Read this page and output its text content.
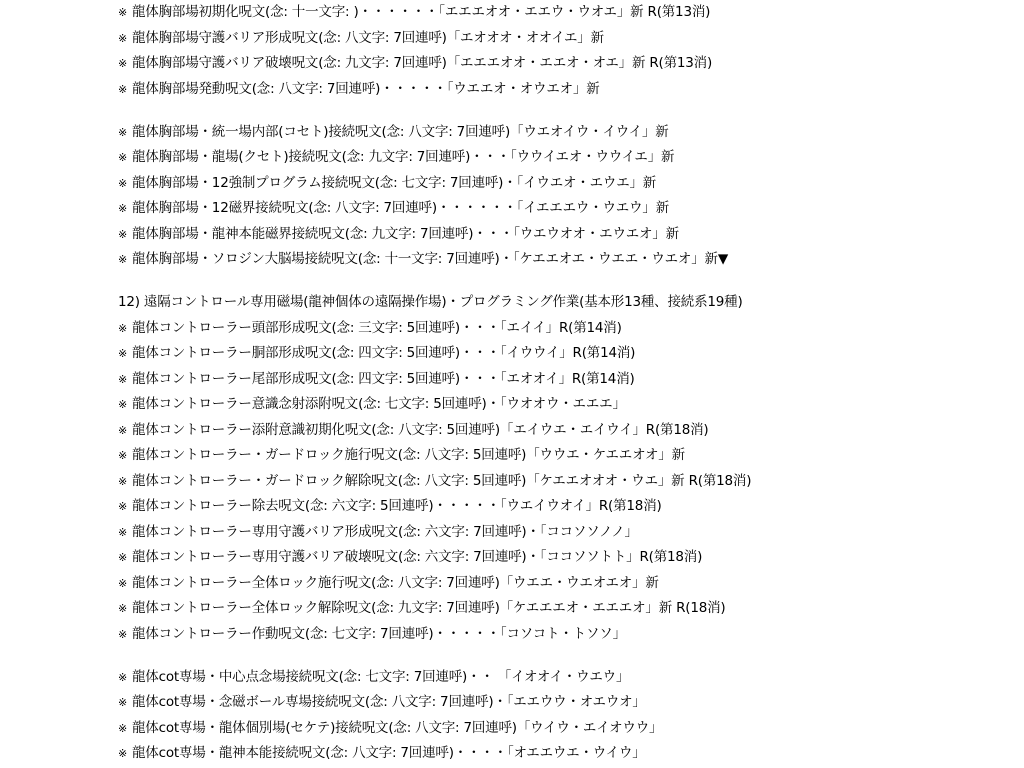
※ 龍体胸部場初期化呪文(念: 十一文字: )・・・・・・「エエエオオ・エエウ・ウオエ」新 R(第13消)
※ 龍体胸部場守護バリア形成呪文(念: 八文字: 7回連呼)「エオオオ・オオイエ」新
※ 龍体胸部場守護バリア破壊呪文(念: 九文字: 7回連呼)「エエエオオ・エエオ・オエ」新 R(第13消)
※ 龍体胸部場発動呪文(念: 八文字: 7回連呼)・・・・・「ウエエオ・オウエオ」新
※ 龍体胸部場・統一場内部(コセト)接続呪文(念: 八文字: 7回連呼)「ウエオイウ・イウイ」新
※ 龍体胸部場・龍場(クセト)接続呪文(念: 九文字: 7回連呼)・・・「ウウイエオ・ウウイエ」新
※ 龍体胸部場・12強制プログラム接続呪文(念: 七文字: 7回連呼)・「イウエオ・エウエ」新
※ 龍体胸部場・12磁界接続呪文(念: 八文字: 7回連呼)・・・・・・「イエエエウ・ウエウ」新
※ 龍体胸部場・龍神本能磁界接続呪文(念: 九文字: 7回連呼)・・・「ウエウオオ・エウエオ」新
※ 龍体胸部場・ソロジン大脳場接続呪文(念: 十一文字: 7回連呼)・「ケエエオエ・ウエエ・ウエオ」新▼
12) 遠隔コントロール専用磁場(龍神個体の遠隔操作場)・プログラミング作業(基本形13種、接続系19種)
※ 龍体コントローラー頭部形成呪文(念: 三文字: 5回連呼)・・・「エイイ」R(第14消)
※ 龍体コントローラー胴部形成呪文(念: 四文字: 5回連呼)・・・「イウウイ」R(第14消)
※ 龍体コントローラー尾部形成呪文(念: 四文字: 5回連呼)・・・「エオオイ」R(第14消)
※ 龍体コントローラー意識念射添附呪文(念: 七文字: 5回連呼)・「ウオオウ・エエエ」
※ 龍体コントローラー添附意識初期化呪文(念: 八文字: 5回連呼)「エイウエ・エイウイ」R(第18消)
※ 龍体コントローラー・ガードロック施行呪文(念: 八文字: 5回連呼)「ウウエ・ケエエオオ」新
※ 龍体コントローラー・ガードロック解除呪文(念: 八文字: 5回連呼)「ケエエオオオ・ウエ」新 R(第18消)
※ 龍体コントローラー除去呪文(念: 六文字: 5回連呼)・・・・・「ウエイウオイ」R(第18消)
※ 龍体コントローラー専用守護バリア形成呪文(念: 六文字: 7回連呼)・「ココソソノノ」
※ 龍体コントローラー専用守護バリア破壊呪文(念: 六文字: 7回連呼)・「ココソソトト」R(第18消)
※ 龍体コントローラー全体ロック施行呪文(念: 八文字: 7回連呼)「ウエエ・ウエオエオ」新
※ 龍体コントローラー全体ロック解除呪文(念: 九文字: 7回連呼)「ケエエエオ・エエエオ」新 R(18消)
※ 龍体コントローラー作動呪文(念: 七文字: 7回連呼)・・・・・「コソコト・トソソ」
※ 龍体cot専場・中心点念場接続呪文(念: 七文字: 7回連呼)・・ 「イオオイ・ウエウ」
※ 龍体cot専場・念磁ボール専場接続呪文(念: 八文字: 7回連呼)・「エエウウ・オエウオ」
※ 龍体cot専場・龍体個別場(セケテ)接続呪文(念: 八文字: 7回連呼)「ウイウ・エイオウウ」
※ 龍体cot専場・龍神本能接続呪文(念: 八文字: 7回連呼)・・・・「オエエウエ・ウイウ」
